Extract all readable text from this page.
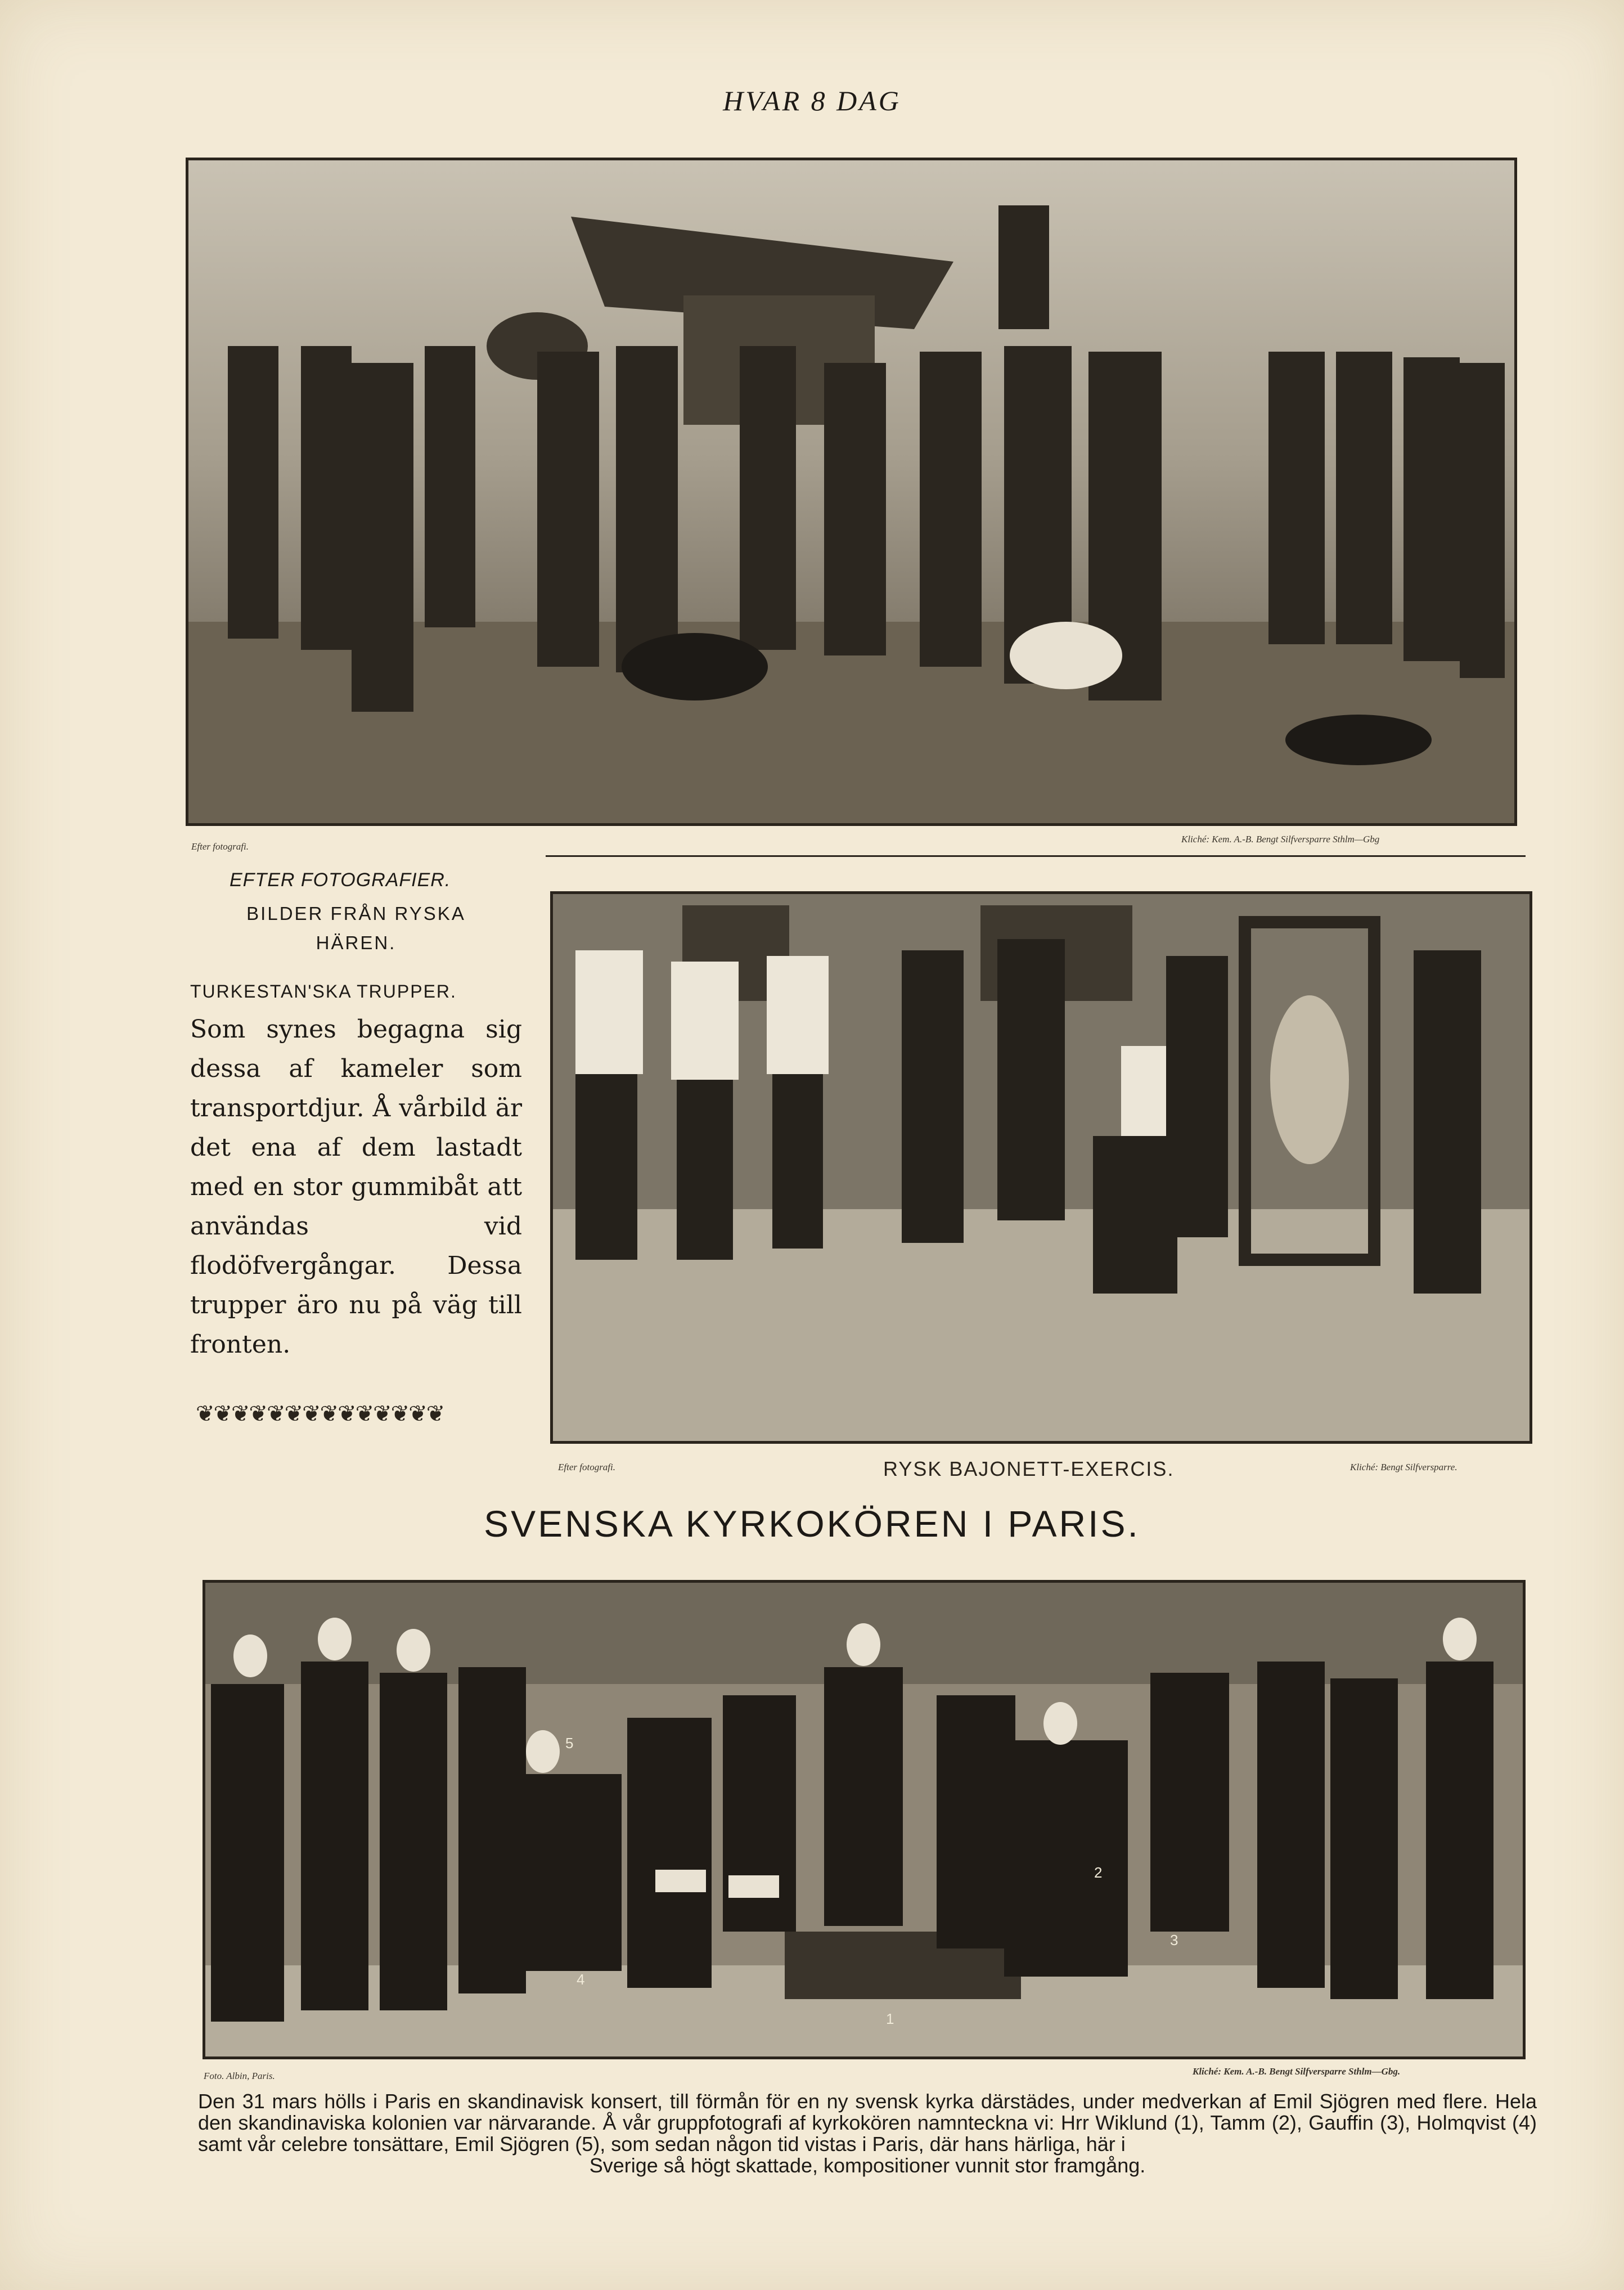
HVAR 8 DAG
Efter fotografi.
Kliché: Kem. A.-B. Bengt Silfversparre Sthlm—Gbg
EFTER FOTOGRAFIER.
BILDER FRÅN RYSKA
HÄREN.
TURKESTAN'SKA TRUPPER.
Som synes begagna sig dessa af kameler som transportdjur. Å vårbild är det ena af dem lastadt med en stor gummibåt att användas vid flodöfvergångar. Dessa trupper äro nu på väg till fronten.
❦❦❦❦❦❦❦❦❦❦❦❦❦❦
Efter fotografi.	RYSK BAJONETT-EXERCIS.	Kliché: Bengt Silfversparre.
SVENSKA KYRKOKÖREN I PARIS.
1
2
3
4
5
Foto. Albin, Paris.	Kliché: Kem. A.-B. Bengt Silfversparre Sthlm—Gbg.
Den 31 mars hölls i Paris en skandinavisk konsert, till förmån för en ny svensk kyrka därstädes, under medverkan af Emil Sjögren med flere. Hela den skandinaviska kolonien var närvarande. Å vår gruppfotografi af kyrkokören namnteckna vi: Hrr Wiklund (1), Tamm (2), Gauffin (3), Holmqvist (4) samt vår celebre tonsättare, Emil Sjögren (5), som sedan någon tid vistas i Paris, där hans härliga, här i
Sverige så högt skattade, kompositioner vunnit stor framgång.
